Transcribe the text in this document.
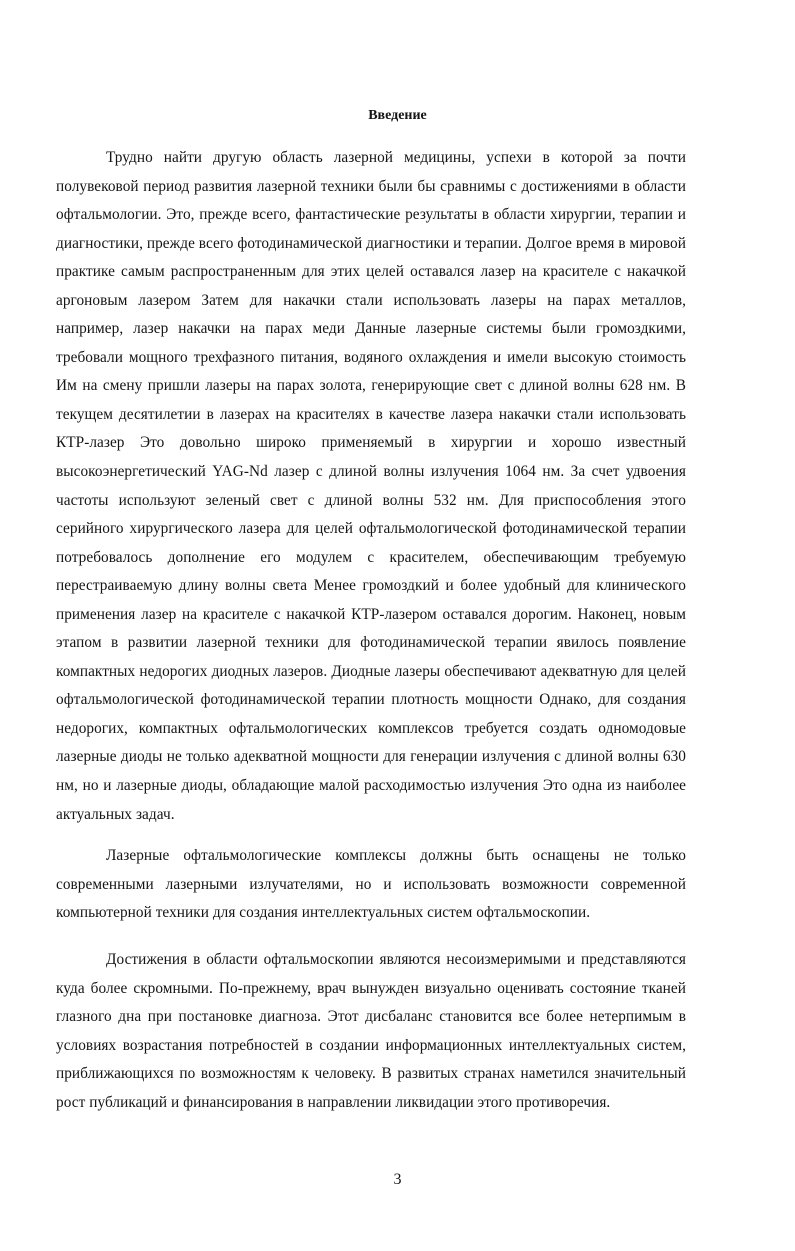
Введение

Трудно найти другую область лазерной медицины, успехи в которой за почти полувековой период развития лазерной техники были бы сравнимы с достижениями в области офтальмологии. Это, прежде всего, фантастические результаты в области хирургии, терапии и диагностики, прежде всего фотодинамической диагностики и терапии. Долгое время в мировой практике самым распространенным для этих целей оставался лазер на красителе с накачкой аргоновым лазером Затем для накачки стали использовать лазеры на парах металлов, например, лазер накачки на парах меди Данные лазерные системы были громоздкими, требовали мощного трехфазного питания, водяного охлаждения и имели высокую стоимость Им на смену пришли лазеры на парах золота, генерирующие свет с длиной волны 628 нм. В текущем десятилетии в лазерах на красителях в качестве лазера накачки стали использовать КТР-лазер Это довольно широко применяемый в хирургии и хорошо известный высокоэнергетический YAG-Nd лазер с длиной волны излучения 1064 нм. За счет удвоения частоты используют зеленый свет с длиной волны 532 нм. Для приспособления этого серийного хирургического лазера для целей офтальмологической фотодинамической терапии потребовалось дополнение его модулем с красителем, обеспечивающим требуемую перестраиваемую длину волны света Менее громоздкий и более удобный для клинического применения лазер на красителе с накачкой КТР-лазером оставался дорогим. Наконец, новым этапом в развитии лазерной техники для фотодинамической терапии явилось появление компактных недорогих диодных лазеров. Диодные лазеры обеспечивают адекватную для целей офтальмологической фотодинамической терапии плотность мощности Однако, для создания недорогих, компактных офтальмологических комплексов требуется создать одномодовые лазерные диоды не только адекватной мощности для генерации излучения с длиной волны 630 нм, но и лазерные диоды, обладающие малой расходимостью излучения Это одна из наиболее актуальных задач.

Лазерные офтальмологические комплексы должны быть оснащены не только современными лазерными излучателями, но и использовать возможности современной компьютерной техники для создания интеллектуальных систем офтальмоскопии.

Достижения в области офтальмоскопии являются несоизмеримыми и представляются куда более скромными. По-прежнему, врач вынужден визуально оценивать состояние тканей глазного дна при постановке диагноза. Этот дисбаланс становится все более нетерпимым в условиях возрастания потребностей в создании информационных интеллектуальных систем, приближающихся по возможностям к человеку. В развитых странах наметился значительный рост публикаций и финансирования в направлении ликвидации этого противоречия.

3
